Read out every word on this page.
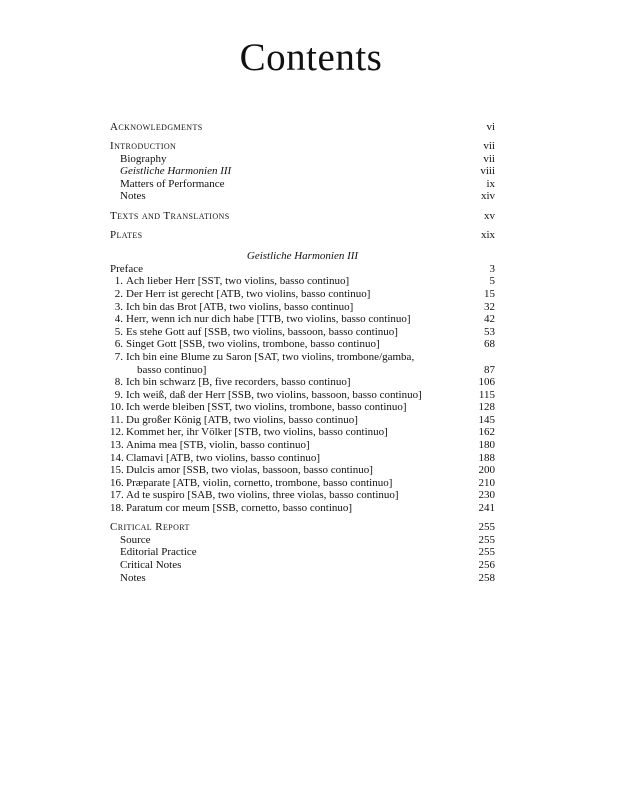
Contents
Acknowledgments	vi
Introduction	vii
Biography	vii
Geistliche Harmonien III	viii
Matters of Performance	ix
Notes	xiv
Texts and Translations	xv
Plates	xix
Geistliche Harmonien III
Preface	3
1. Ach lieber Herr [SST, two violins, basso continuo]	5
2. Der Herr ist gerecht [ATB, two violins, basso continuo]	15
3. Ich bin das Brot [ATB, two violins, basso continuo]	32
4. Herr, wenn ich nur dich habe [TTB, two violins, basso continuo]	42
5. Es stehe Gott auf [SSB, two violins, bassoon, basso continuo]	53
6. Singet Gott [SSB, two violins, trombone, basso continuo]	68
7. Ich bin eine Blume zu Saron [SAT, two violins, trombone/gamba,
basso continuo]	87
8. Ich bin schwarz [B, five recorders, basso continuo]	106
9. Ich weiß, daß der Herr [SSB, two violins, bassoon, basso continuo]	115
10. Ich werde bleiben [SST, two violins, trombone, basso continuo]	128
11. Du großer König [ATB, two violins, basso continuo]	145
12. Kommet her, ihr Völker [STB, two violins, basso continuo]	162
13. Anima mea [STB, violin, basso continuo]	180
14. Clamavi [ATB, two violins, basso continuo]	188
15. Dulcis amor [SSB, two violas, bassoon, basso continuo]	200
16. Præparate [ATB, violin, cornetto, trombone, basso continuo]	210
17. Ad te suspiro [SAB, two violins, three violas, basso continuo]	230
18. Paratum cor meum [SSB, cornetto, basso continuo]	241
Critical Report	255
Source	255
Editorial Practice	255
Critical Notes	256
Notes	258
